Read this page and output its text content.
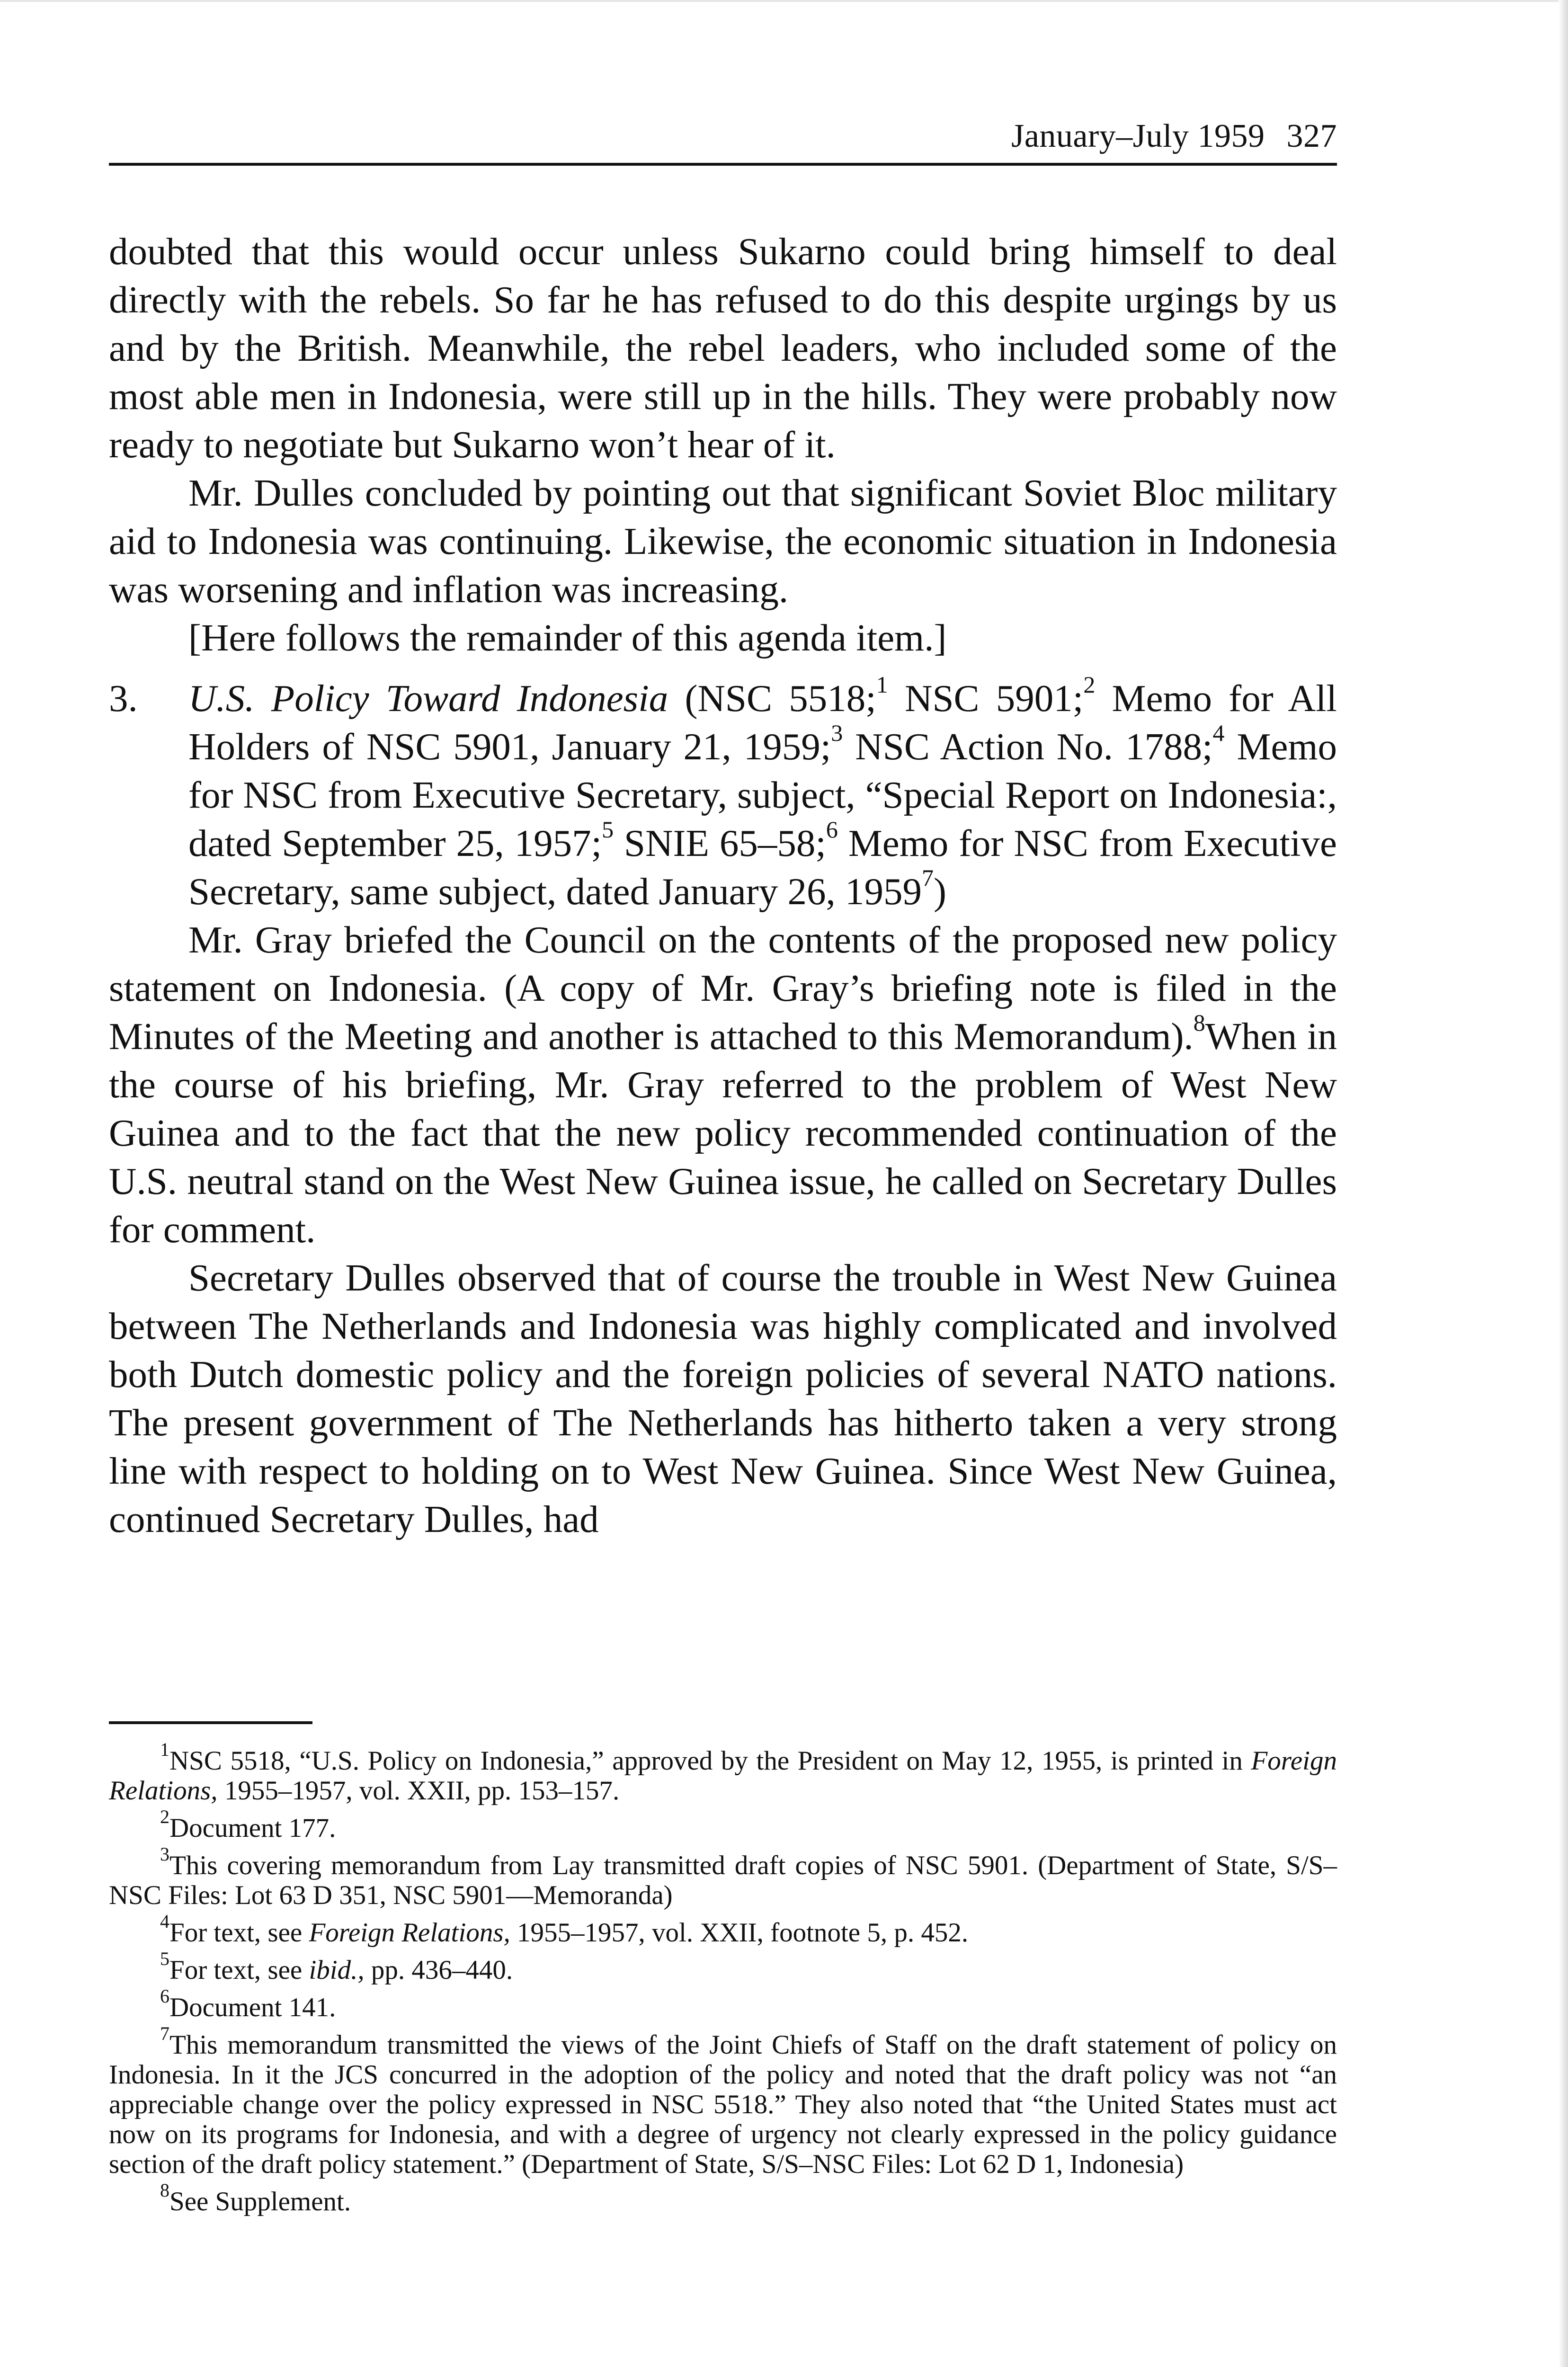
January–July 1959 327

doubted that this would occur unless Sukarno could bring himself to deal directly with the rebels. So far he has refused to do this despite urgings by us and by the British. Meanwhile, the rebel leaders, who included some of the most able men in Indonesia, were still up in the hills. They were probably now ready to negotiate but Sukarno won’t hear of it.

Mr. Dulles concluded by pointing out that significant Soviet Bloc military aid to Indonesia was continuing. Likewise, the economic situation in Indonesia was worsening and inflation was increasing.

[Here follows the remainder of this agenda item.]

3.	U.S. Policy Toward Indonesia (NSC 5518;$^1$ NSC 5901;$^2$ Memo for All Holders of NSC 5901, January 21, 1959;$^3$ NSC Action No. 1788;$^4$ Memo for NSC from Executive Secretary, subject, “Special Report on Indonesia:, dated September 25, 1957;$^5$ SNIE 65–58;$^6$ Memo for NSC from Executive Secretary, same subject, dated January 26, 1959$^7$)

Mr. Gray briefed the Council on the contents of the proposed new policy statement on Indonesia. (A copy of Mr. Gray’s briefing note is filed in the Minutes of the Meeting and another is attached to this Memorandum).$^8$When in the course of his briefing, Mr. Gray referred to the problem of West New Guinea and to the fact that the new policy recommended continuation of the U.S. neutral stand on the West New Guinea issue, he called on Secretary Dulles for comment.

Secretary Dulles observed that of course the trouble in West New Guinea between The Netherlands and Indonesia was highly complicated and involved both Dutch domestic policy and the foreign policies of several NATO nations. The present government of The Netherlands has hitherto taken a very strong line with respect to holding on to West New Guinea. Since West New Guinea, continued Secretary Dulles, had

$^1$NSC 5518, “U.S. Policy on Indonesia,” approved by the President on May 12, 1955, is printed in Foreign Relations, 1955–1957, vol. XXII, pp. 153–157.

$^2$Document 177.

$^3$This covering memorandum from Lay transmitted draft copies of NSC 5901. (Department of State, S/S–NSC Files: Lot 63 D 351, NSC 5901—Memoranda)

$^4$For text, see Foreign Relations, 1955–1957, vol. XXII, footnote 5, p. 452.

$^5$For text, see ibid., pp. 436–440.

$^6$Document 141.

$^7$This memorandum transmitted the views of the Joint Chiefs of Staff on the draft statement of policy on Indonesia. In it the JCS concurred in the adoption of the policy and noted that the draft policy was not “an appreciable change over the policy expressed in NSC 5518.” They also noted that “the United States must act now on its programs for Indonesia, and with a degree of urgency not clearly expressed in the policy guidance section of the draft policy statement.” (Department of State, S/S–NSC Files: Lot 62 D 1, Indonesia)

$^8$See Supplement.
